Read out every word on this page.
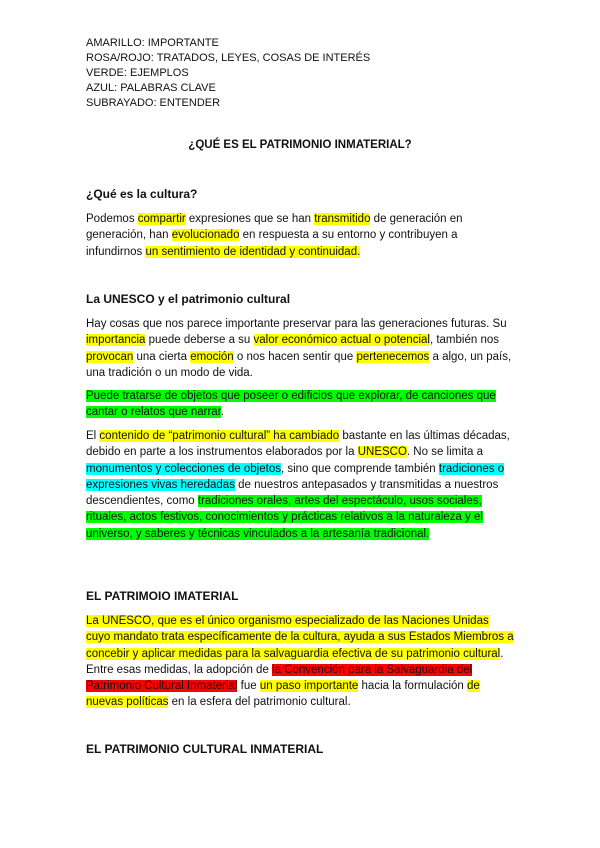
AMARILLO: IMPORTANTE
ROSA/ROJO: TRATADOS, LEYES, COSAS DE INTERÉS
VERDE: EJEMPLOS
AZUL: PALABRAS CLAVE
SUBRAYADO: ENTENDER
¿QUÉ ES EL PATRIMONIO INMATERIAL?
¿Qué es la cultura?

Podemos compartir expresiones que se han transmitido de generación en generación, han evolucionado en respuesta a su entorno y contribuyen a infundirnos un sentimiento de identidad y continuidad.

La UNESCO y el patrimonio cultural

Hay cosas que nos parece importante preservar para las generaciones futuras. Su importancia puede deberse a su valor económico actual o potencial, también nos provocan una cierta emoción o nos hacen sentir que pertenecemos a algo, un país, una tradición o un modo de vida.

Puede tratarse de objetos que poseer o edificios que explorar, de canciones que cantar o relatos que narrar.

El contenido de “patrimonio cultural” ha cambiado bastante en las últimas décadas, debido en parte a los instrumentos elaborados por la UNESCO. No se limita a monumentos y colecciones de objetos, sino que comprende también tradiciones o expresiones vivas heredadas de nuestros antepasados y transmitidas a nuestros descendientes, como tradiciones orales, artes del espectáculo, usos sociales, rituales, actos festivos, conocimientos y prácticas relativos a la naturaleza y el universo, y saberes y técnicas vinculados a la artesanía tradicional.

EL PATRIMOIO IMATERIAL

La UNESCO, que es el único organismo especializado de las Naciones Unidas cuyo mandato trata específicamente de la cultura, ayuda a sus Estados Miembros a concebir y aplicar medidas para la salvaguardia efectiva de su patrimonio cultural. Entre esas medidas, la adopción de la Convención para la Salvaguardia del Patrimonio Cultural Inmaterial fue un paso importante hacia la formulación de nuevas políticas en la esfera del patrimonio cultural.

EL PATRIMONIO CULTURAL INMATERIAL
